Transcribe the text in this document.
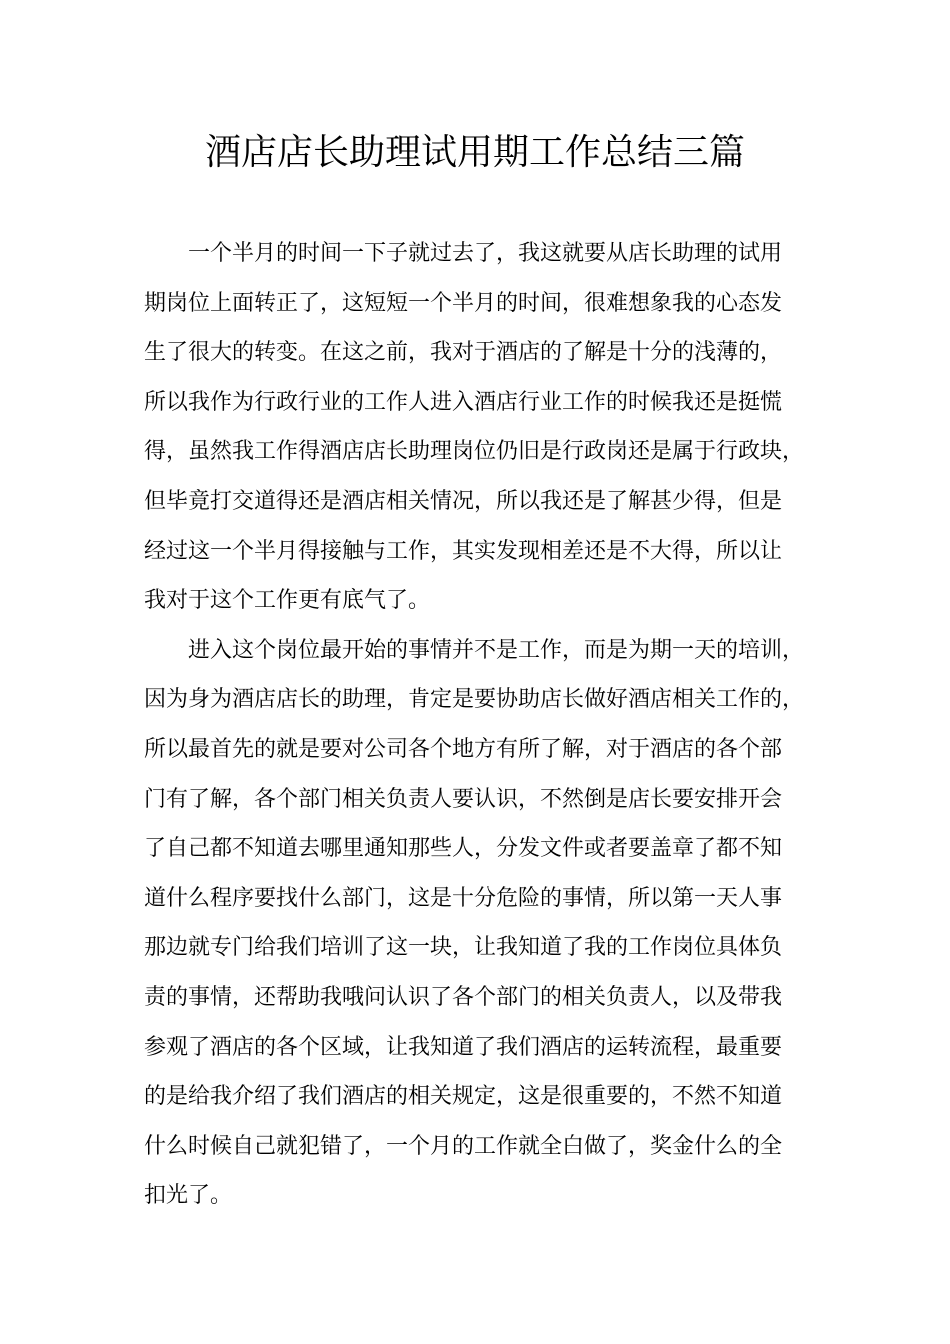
酒店店长助理试用期工作总结三篇
一个半月的时间一下子就过去了，我这就要从店长助理的试用
期岗位上面转正了，这短短一个半月的时间，很难想象我的心态发
生了很大的转变。在这之前，我对于酒店的了解是十分的浅薄的，
所以我作为行政行业的工作人进入酒店行业工作的时候我还是挺慌
得，虽然我工作得酒店店长助理岗位仍旧是行政岗还是属于行政块，
但毕竟打交道得还是酒店相关情况，所以我还是了解甚少得，但是
经过这一个半月得接触与工作，其实发现相差还是不大得，所以让
我对于这个工作更有底气了。
进入这个岗位最开始的事情并不是工作，而是为期一天的培训，
因为身为酒店店长的助理，肯定是要协助店长做好酒店相关工作的，
所以最首先的就是要对公司各个地方有所了解，对于酒店的各个部
门有了解，各个部门相关负责人要认识，不然倒是店长要安排开会
了自己都不知道去哪里通知那些人，分发文件或者要盖章了都不知
道什么程序要找什么部门，这是十分危险的事情，所以第一天人事
那边就专门给我们培训了这一块，让我知道了我的工作岗位具体负
责的事情，还帮助我哦问认识了各个部门的相关负责人，以及带我
参观了酒店的各个区域，让我知道了我们酒店的运转流程，最重要
的是给我介绍了我们酒店的相关规定，这是很重要的，不然不知道
什么时候自己就犯错了，一个月的工作就全白做了，奖金什么的全
扣光了。
